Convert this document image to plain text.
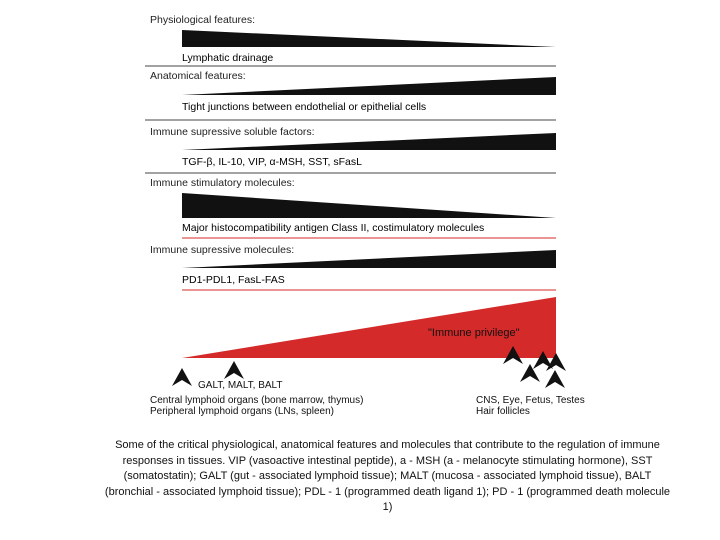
Physiological features:
Lymphatic drainage
Anatomical features:
Tight junctions between endothelial or epithelial cells
Immune supressive soluble factors:
TGF-β, IL-10, VIP, α-MSH, SST, sFasL
Immune stimulatory molecules:
Major histocompatibility antigen Class II, costimulatory molecules
Immune supressive molecules:
PD1-PDL1, FasL-FAS
"Immune privilege"
GALT, MALT, BALT
Central lymphoid organs (bone marrow, thymus)
Peripheral lymphoid organs (LNs, spleen)
CNS, Eye, Fetus, Testes
Hair follicles
Some of the critical physiological, anatomical features and molecules that contribute to the regulation of immune responses in tissues. VIP (vasoactive intestinal peptide), a - MSH (a - melanocyte stimulating hormone), SST (somatostatin); GALT (gut - associated lymphoid tissue); MALT (mucosa - associated lymphoid tissue), BALT (bronchial - associated lymphoid tissue); PDL - 1 (programmed death ligand 1); PD - 1 (programmed death molecule 1)
